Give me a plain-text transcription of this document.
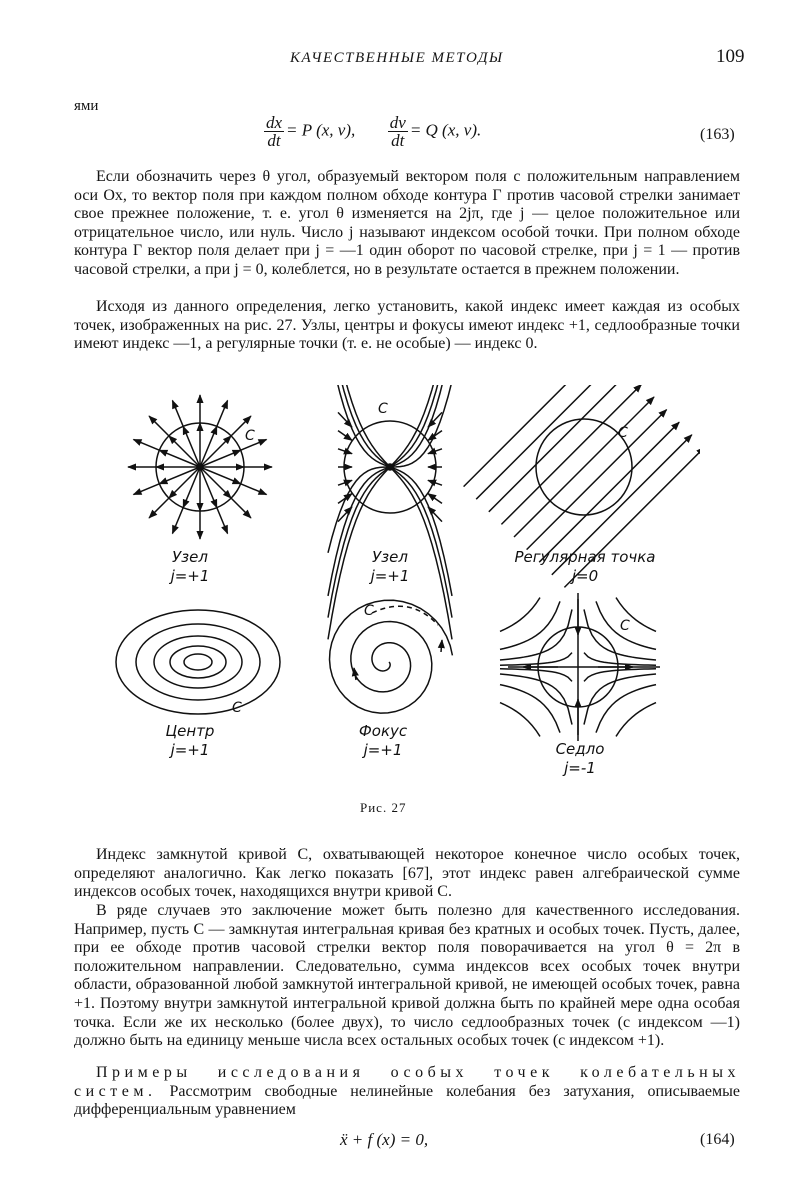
КАЧЕСТВЕННЫЕ МЕТОДЫ	109
ями
$\frac{dx}{dt} = P$ (x, v), $\frac{dv}{dt} = Q$ (x, v).	(163)
Если обозначить через θ угол, образуемый вектором поля с положительным направлением оси Ox, то вектор поля при каждом полном обходе контура Γ против часовой стрелки занимает свое прежнее положение, т. е. угол θ изменяется на 2jπ, где j — целое положительное или отрицательное число, или нуль. Число j называют индексом особой точки. При полном обходе контура Γ вектор поля делает при j = —1 один оборот по часовой стрелке, при j = 1 — против часовой стрелки, а при j = 0, колеблется, но в результате остается в прежнем положении.
Исходя из данного определения, легко установить, какой индекс имеет каждая из особых точек, изображенных на рис. 27. Узлы, центры и фокусы имеют индекс +1, седлообразные точки имеют индекс —1, а регулярные точки (т. е. не особые) — индекс 0.
C
C
C
C
C
C
Узел
j=+1
Узел
j=+1
Регулярная точка
j=0
Центр
j=+1
Фокус
j=+1	Седло
j=-1
Рис. 27
Индекс замкнутой кривой C, охватывающей некоторое конечное число особых точек, определяют аналогично. Как легко показать [67], этот индекс равен алгебраической сумме индексов особых точек, находящихся внутри кривой C.
В ряде случаев это заключение может быть полезно для качественного исследования. Например, пусть C — замкнутая интегральная кривая без кратных и особых точек. Пусть, далее, при ее обходе против часовой стрелки вектор поля поворачивается на угол θ = 2π в положительном направлении. Следовательно, сумма индексов всех особых точек внутри области, образованной любой замкнутой интегральной кривой, не имеющей особых точек, равна +1. Поэтому внутри замкнутой интегральной кривой должна быть по крайней мере одна особая точка. Если же их несколько (более двух), то число седлообразных точек (с индексом —1) должно быть на единицу меньше числа всех остальных особых точек (с индексом +1).
Примеры исследования особых точек колебательных систем. Рассмотрим свободные нелинейные колебания без затухания, описываемые дифференциальным уравнением
ẍ + f (x) = 0,	(164)
